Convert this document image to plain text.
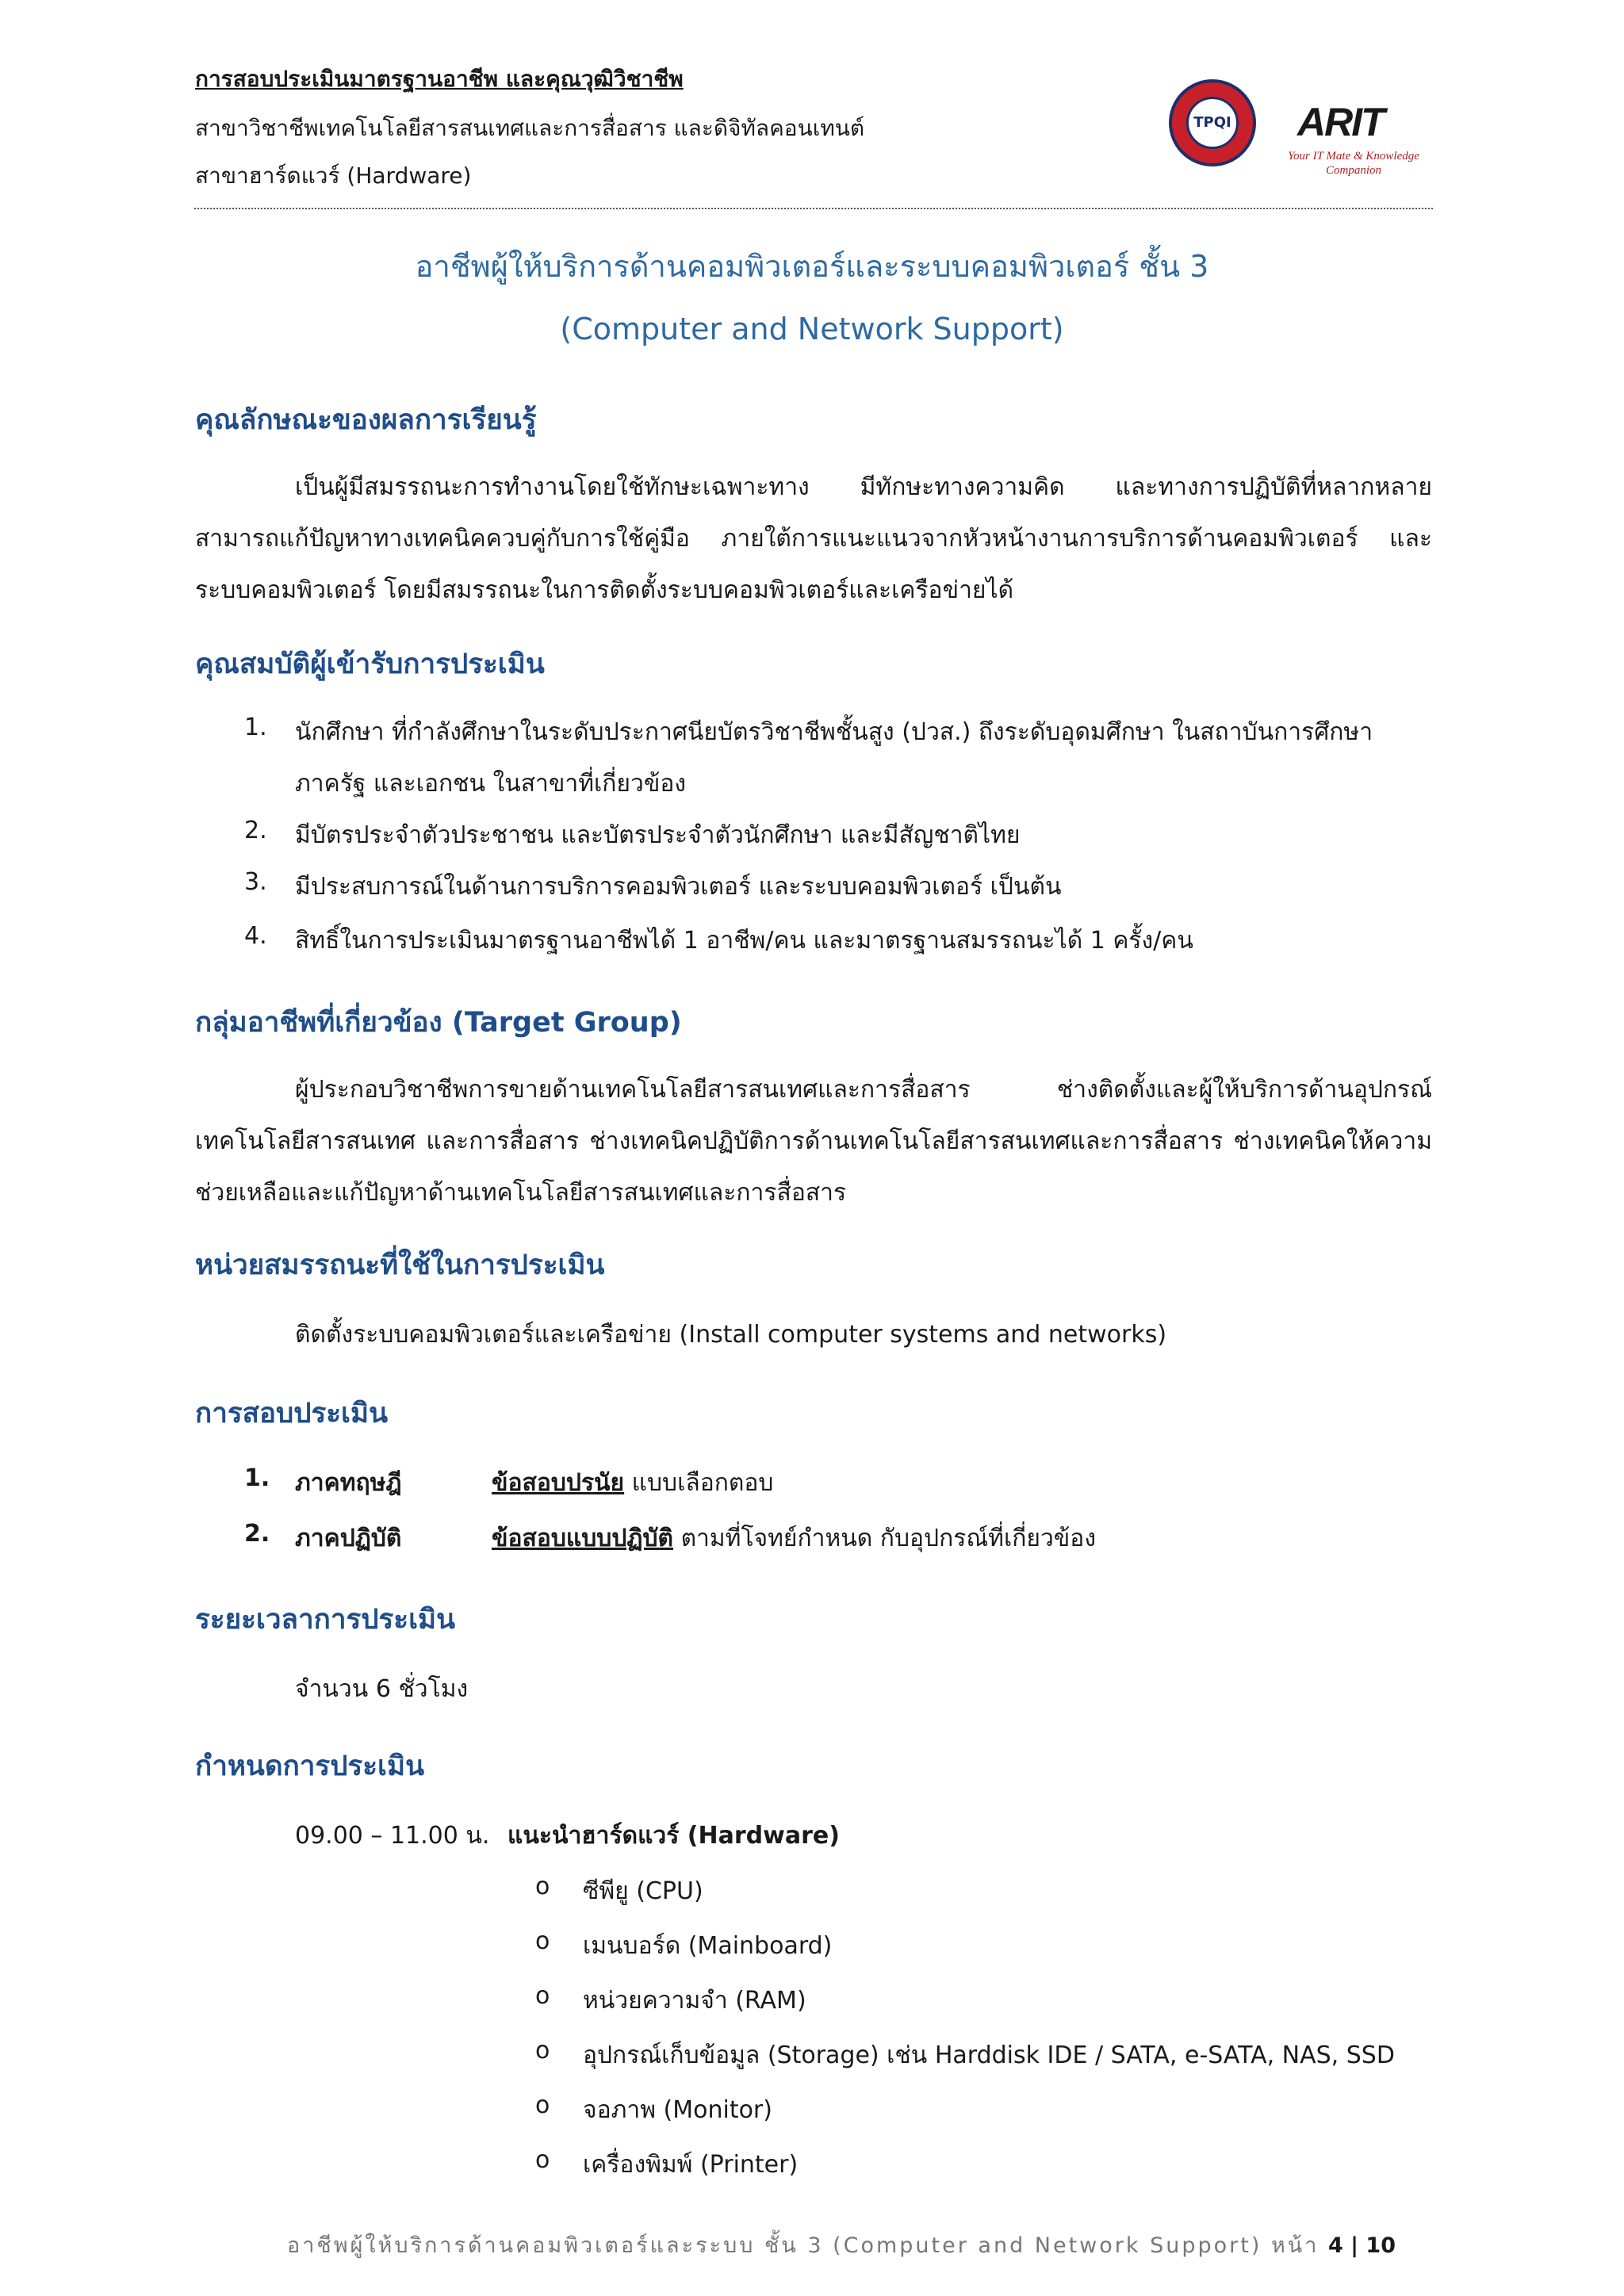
การสอบประเมินมาตรฐานอาชีพ และคุณวุฒิวิชาชีพ
สาขาวิชาชีพเทคโนโลยีสารสนเทศและการสื่อสาร และดิจิทัลคอนเทนต์
สาขาฮาร์ดแวร์ (Hardware)
TPQI ARIT
Your IT Mate & Knowledge Companion
อาชีพผู้ให้บริการด้านคอมพิวเตอร์และระบบคอมพิวเตอร์ ชั้น 3
(Computer and Network Support)
คุณลักษณะของผลการเรียนรู้
เป็นผู้มีสมรรถนะการทำงานโดยใช้ทักษะเฉพาะทาง มีทักษะทางความคิด และทางการปฏิบัติที่หลากหลาย สามารถแก้ปัญหาทางเทคนิคควบคู่กับการใช้คู่มือ ภายใต้การแนะแนวจากหัวหน้างานการบริการด้านคอมพิวเตอร์ และระบบคอมพิวเตอร์ โดยมีสมรรถนะในการติดตั้งระบบคอมพิวเตอร์และเครือข่ายได้
คุณสมบัติผู้เข้ารับการประเมิน
1. นักศึกษา ที่กำลังศึกษาในระดับประกาศนียบัตรวิชาชีพชั้นสูง (ปวส.) ถึงระดับอุดมศึกษา ในสถาบันการศึกษา
ภาครัฐ และเอกชน ในสาขาที่เกี่ยวข้อง
2. มีบัตรประจำตัวประชาชน และบัตรประจำตัวนักศึกษา และมีสัญชาติไทย
3. มีประสบการณ์ในด้านการบริการคอมพิวเตอร์ และระบบคอมพิวเตอร์ เป็นต้น
4. สิทธิ์ในการประเมินมาตรฐานอาชีพได้ 1 อาชีพ/คน และมาตรฐานสมรรถนะได้ 1 ครั้ง/คน
กลุ่มอาชีพที่เกี่ยวข้อง (Target Group)
ผู้ประกอบวิชาชีพการขายด้านเทคโนโลยีสารสนเทศและการสื่อสาร ช่างติดตั้งและผู้ให้บริการด้านอุปกรณ์เทคโนโลยีสารสนเทศ และการสื่อสาร ช่างเทคนิคปฏิบัติการด้านเทคโนโลยีสารสนเทศและการสื่อสาร ช่างเทคนิคให้ความช่วยเหลือและแก้ปัญหาด้านเทคโนโลยีสารสนเทศและการสื่อสาร
หน่วยสมรรถนะที่ใช้ในการประเมิน
ติดตั้งระบบคอมพิวเตอร์และเครือข่าย (Install computer systems and networks)
การสอบประเมิน
1. ภาคทฤษฎี	ข้อสอบปรนัย แบบเลือกตอบ
2. ภาคปฏิบัติ	ข้อสอบแบบปฏิบัติ ตามที่โจทย์กำหนด กับอุปกรณ์ที่เกี่ยวข้อง
ระยะเวลาการประเมิน
จำนวน 6 ชั่วโมง
กำหนดการประเมิน
09.00 – 11.00 น. แนะนำฮาร์ดแวร์ (Hardware)
o ซีพียู (CPU)
o เมนบอร์ด (Mainboard)
o หน่วยความจำ (RAM)
o อุปกรณ์เก็บข้อมูล (Storage) เช่น Harddisk IDE / SATA, e-SATA, NAS, SSD
o จอภาพ (Monitor)
o เครื่องพิมพ์ (Printer)
อาชีพผู้ให้บริการด้านคอมพิวเตอร์และระบบ ชั้น 3 (Computer and Network Support) หน้า 4 | 10
